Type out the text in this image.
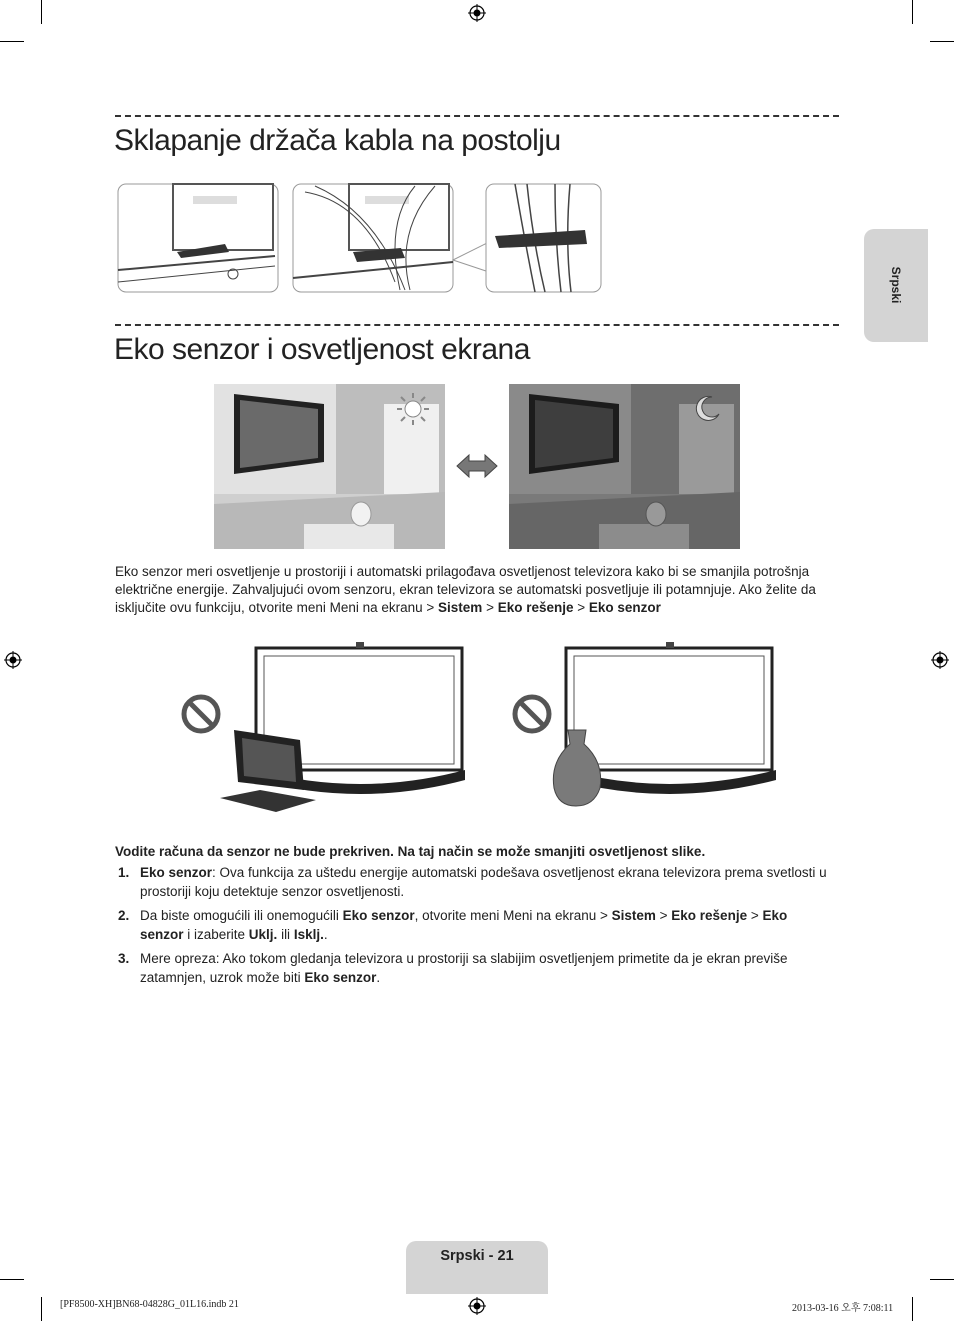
Srpski
Sklapanje držača kabla na postolju
Eko senzor i osvetljenost ekrana
Eko senzor meri osvetljenje u prostoriji i automatski prilagođava osvetljenost televizora kako bi se smanjila potrošnja električne energije. Zahvaljujući ovom senzoru, ekran televizora se automatski posvetljuje ili potamnjuje. Ako želite da isključite ovu funkciju, otvorite meni Meni na ekranu > Sistem > Eko rešenje > Eko senzor
Vodite računa da senzor ne bude prekriven. Na taj način se može smanjiti osvetljenost slike.
1. Eko senzor: Ova funkcija za uštedu energije automatski podešava osvetljenost ekrana televizora prema svetlosti u prostoriji koju detektuje senzor osvetljenosti.
2. Da biste omogućili ili onemogućili Eko senzor, otvorite meni Meni na ekranu > Sistem > Eko rešenje > Eko senzor i izaberite Uklj. ili Isklj..
3. Mere opreza: Ako tokom gledanja televizora u prostoriji sa slabijim osvetljenjem primetite da je ekran previše zatamnjen, uzrok može biti Eko senzor.
Srpski - 21
[PF8500-XH]BN68-04828G_01L16.indb 21	2013-03-16 오후 7:08:11
